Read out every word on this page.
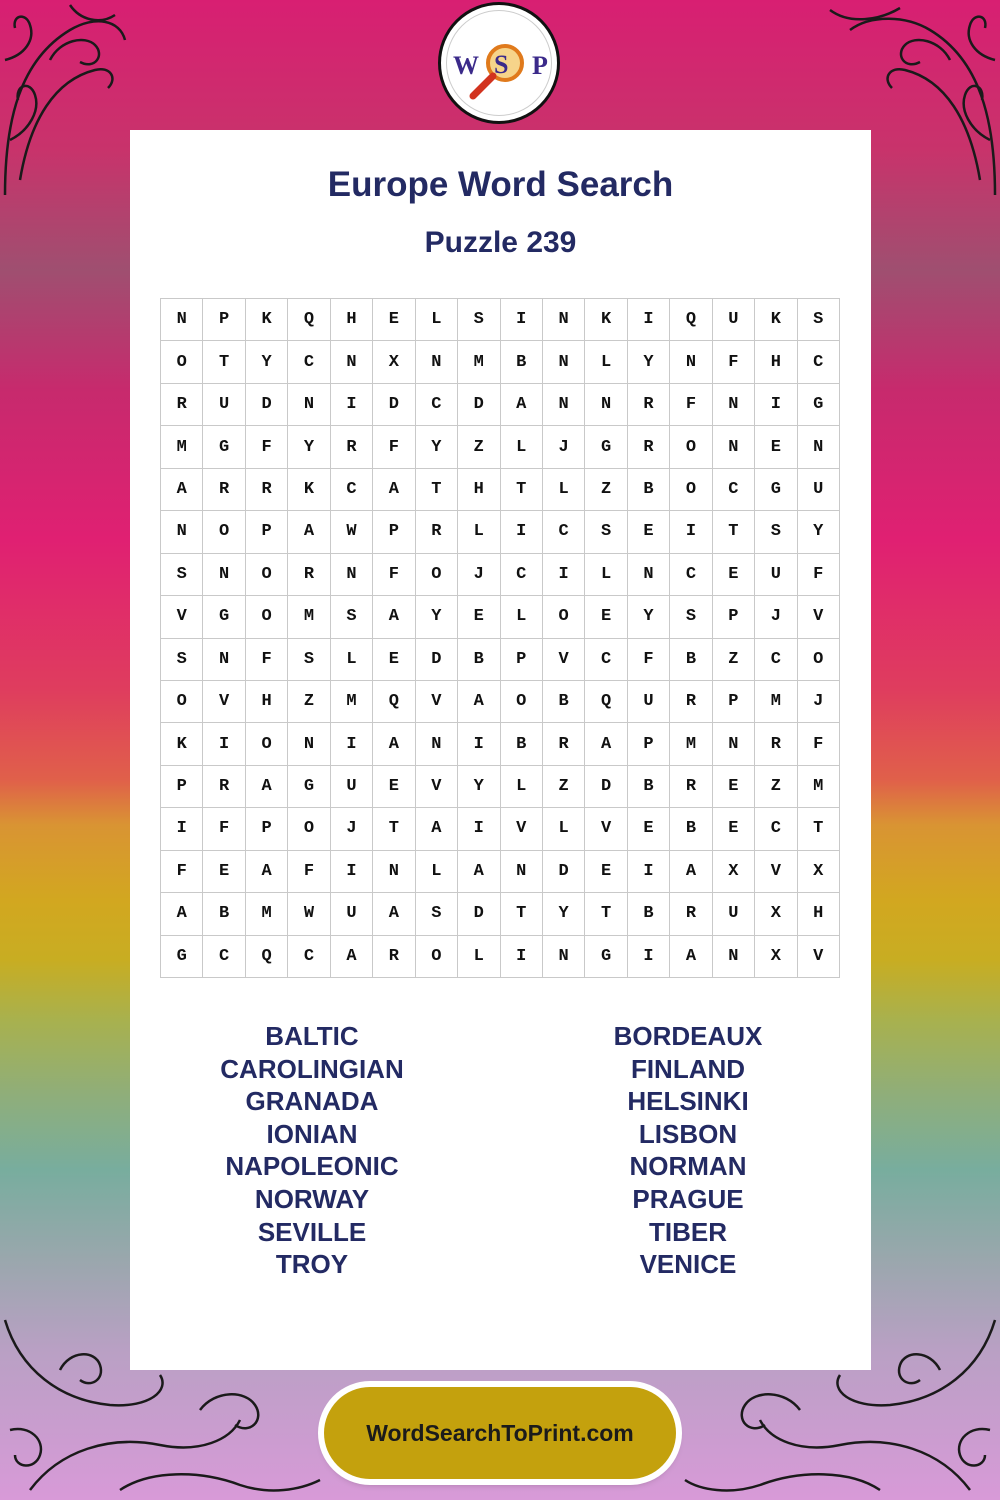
W S P
Europe Word Search
Puzzle 239
N	P	K	Q	H	E	L	S	I	N	K	I	Q	U	K	S
O	T	Y	C	N	X	N	M	B	N	L	Y	N	F	H	C
R	U	D	N	I	D	C	D	A	N	N	R	F	N	I	G
M	G	F	Y	R	F	Y	Z	L	J	G	R	O	N	E	N
A	R	R	K	C	A	T	H	T	L	Z	B	O	C	G	U
N	O	P	A	W	P	R	L	I	C	S	E	I	T	S	Y
S	N	O	R	N	F	O	J	C	I	L	N	C	E	U	F
V	G	O	M	S	A	Y	E	L	O	E	Y	S	P	J	V
S	N	F	S	L	E	D	B	P	V	C	F	B	Z	C	O
O	V	H	Z	M	Q	V	A	O	B	Q	U	R	P	M	J
K	I	O	N	I	A	N	I	B	R	A	P	M	N	R	F
P	R	A	G	U	E	V	Y	L	Z	D	B	R	E	Z	M
I	F	P	O	J	T	A	I	V	L	V	E	B	E	C	T
F	E	A	F	I	N	L	A	N	D	E	I	A	X	V	X
A	B	M	W	U	A	S	D	T	Y	T	B	R	U	X	H
G	C	Q	C	A	R	O	L	I	N	G	I	A	N	X	V
BALTIC
CAROLINGIAN
GRANADA
IONIAN
NAPOLEONIC
NORWAY
SEVILLE
TROY
BORDEAUX
FINLAND
HELSINKI
LISBON
NORMAN
PRAGUE
TIBER
VENICE
WordSearchToPrint.com
